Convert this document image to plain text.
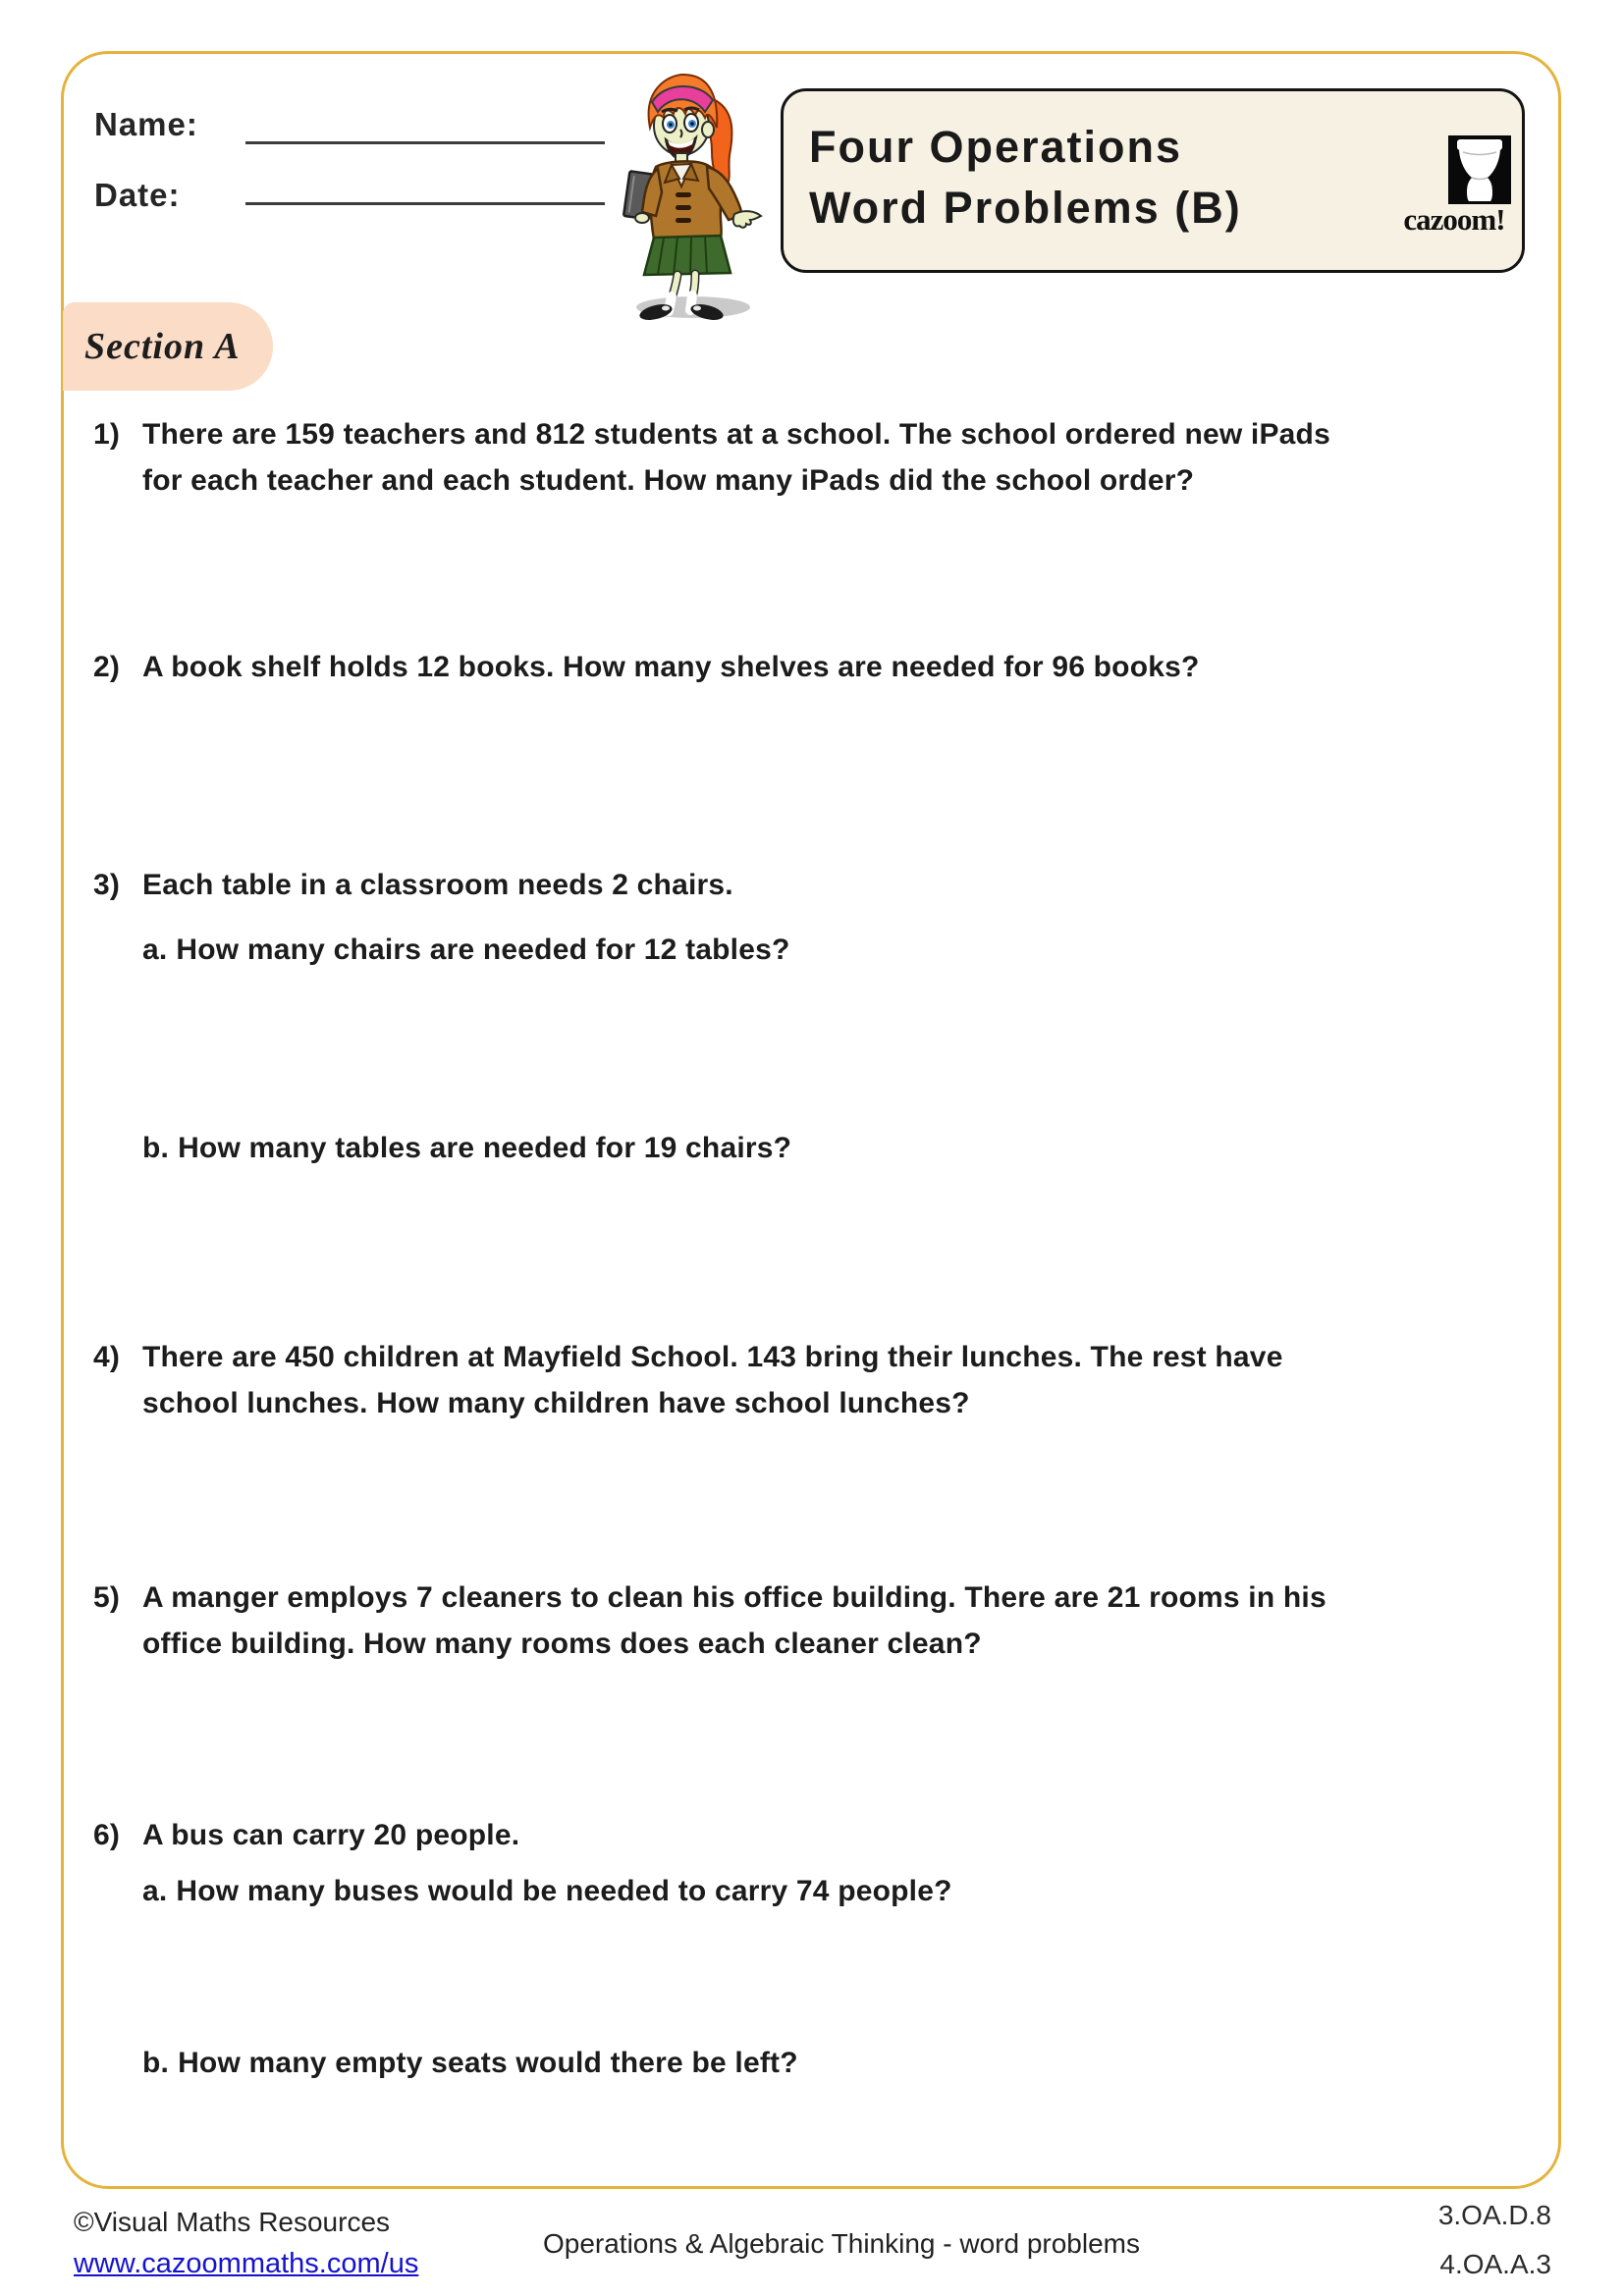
Name:
Date:
Four Operations
Word Problems (B)	cazoom!
Section A
1) There are 159 teachers and 812 students at a school. The school ordered new iPads
for each teacher and each student. How many iPads did the school order?
2) A book shelf holds 12 books. How many shelves are needed for 96 books?
3) Each table in a classroom needs 2 chairs.
a. How many chairs are needed for 12 tables?
b. How many tables are needed for 19 chairs?
4) There are 450 children at Mayfield School. 143 bring their lunches. The rest have
school lunches. How many children have school lunches?
5) A manger employs 7 cleaners to clean his office building. There are 21 rooms in his
office building. How many rooms does each cleaner clean?
6) A bus can carry 20 people.
a. How many buses would be needed to carry 74 people?
b. How many empty seats would there be left?
©Visual Maths Resources
www.cazoommaths.com/us
Operations & Algebraic Thinking - word problems
3.OA.D.8
4.OA.A.3
